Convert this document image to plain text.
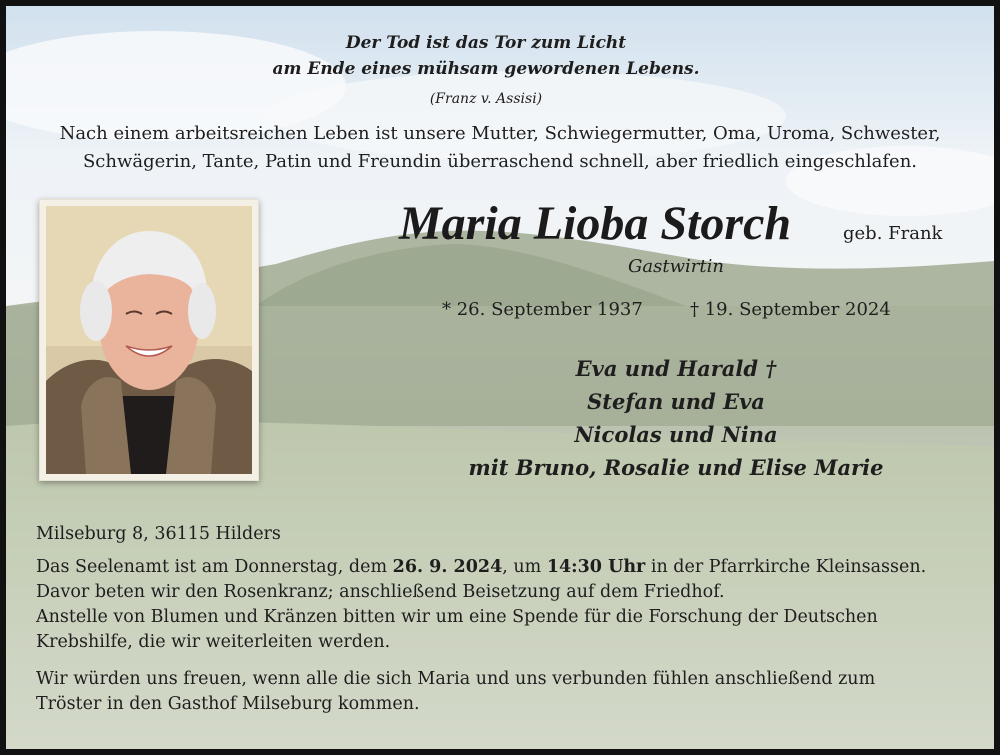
Der Tod ist das Tor zum Licht
am Ende eines mühsam gewordenen Lebens.
(Franz v. Assisi)
Nach einem arbeitsreichen Leben ist unsere Mutter, Schwiegermutter, Oma, Uroma, Schwester,
Schwägerin, Tante, Patin und Freundin überraschend schnell, aber friedlich eingeschlafen.
Maria Lioba Storch	geb. Frank
Gastwirtin
* 26. September 1937	† 19. September 2024
Eva und Harald †
Stefan und Eva
Nicolas und Nina
mit Bruno, Rosalie und Elise Marie
Milseburg 8, 36115 Hilders
Das Seelenamt ist am Donnerstag, dem 26. 9. 2024, um 14:30 Uhr in der Pfarrkirche Kleinsassen.
Davor beten wir den Rosenkranz; anschließend Beisetzung auf dem Friedhof.
Anstelle von Blumen und Kränzen bitten wir um eine Spende für die Forschung der Deutschen
Krebshilfe, die wir weiterleiten werden.
Wir würden uns freuen, wenn alle die sich Maria und uns verbunden fühlen anschließend zum
Tröster in den Gasthof Milseburg kommen.
